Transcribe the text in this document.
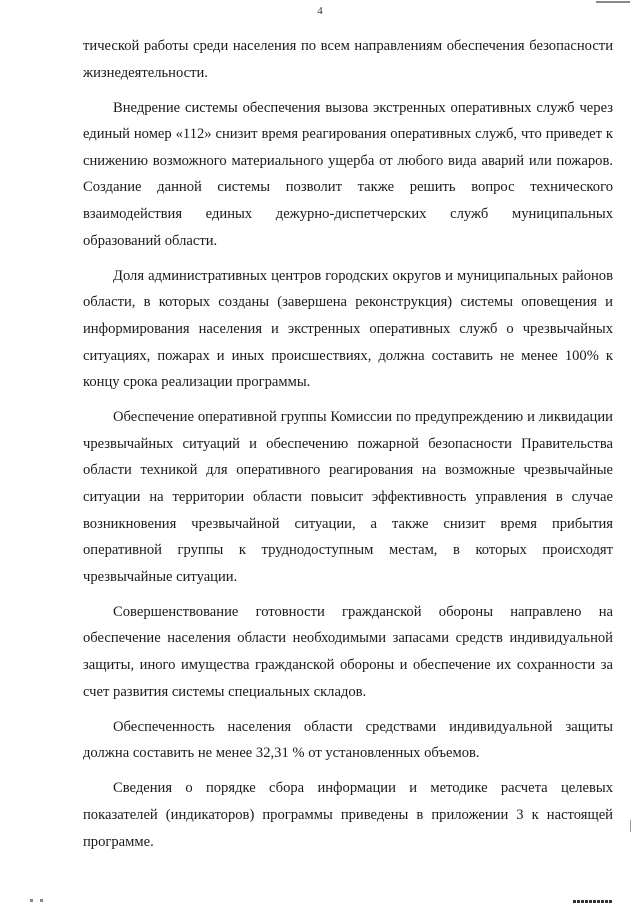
4

тической работы среди населения по всем направлениям обеспечения безопасности жизнедеятельности.

Внедрение системы обеспечения вызова экстренных оперативных служб через единый номер «112» снизит время реагирования оперативных служб, что приведет к снижению возможного материального ущерба от любого вида аварий или пожаров. Создание данной системы позволит также решить вопрос технического взаимодействия единых дежурно-диспетчерских служб муниципальных образований области.

Доля административных центров городских округов и муниципальных районов области, в которых созданы (завершена реконструкция) системы оповещения и информирования населения и экстренных оперативных служб о чрезвычайных ситуациях, пожарах и иных происшествиях, должна составить не менее 100% к концу срока реализации программы.

Обеспечение оперативной группы Комиссии по предупреждению и ликвидации чрезвычайных ситуаций и обеспечению пожарной безопасности Правительства области техникой для оперативного реагирования на возможные чрезвычайные ситуации на территории области повысит эффективность управления в случае возникновения чрезвычайной ситуации, а также снизит время прибытия оперативной группы к труднодоступным местам, в которых происходят чрезвычайные ситуации.

Совершенствование готовности гражданской обороны направлено на обеспечение населения области необходимыми запасами средств индивидуальной защиты, иного имущества гражданской обороны и обеспечение их сохранности за счет развития системы специальных складов.

Обеспеченность населения области средствами индивидуальной защиты должна составить не менее 32,31 % от установленных объемов.

Сведения о порядке сбора информации и методике расчета целевых показателей (индикаторов) программы приведены в приложении 3 к настоящей программе.
